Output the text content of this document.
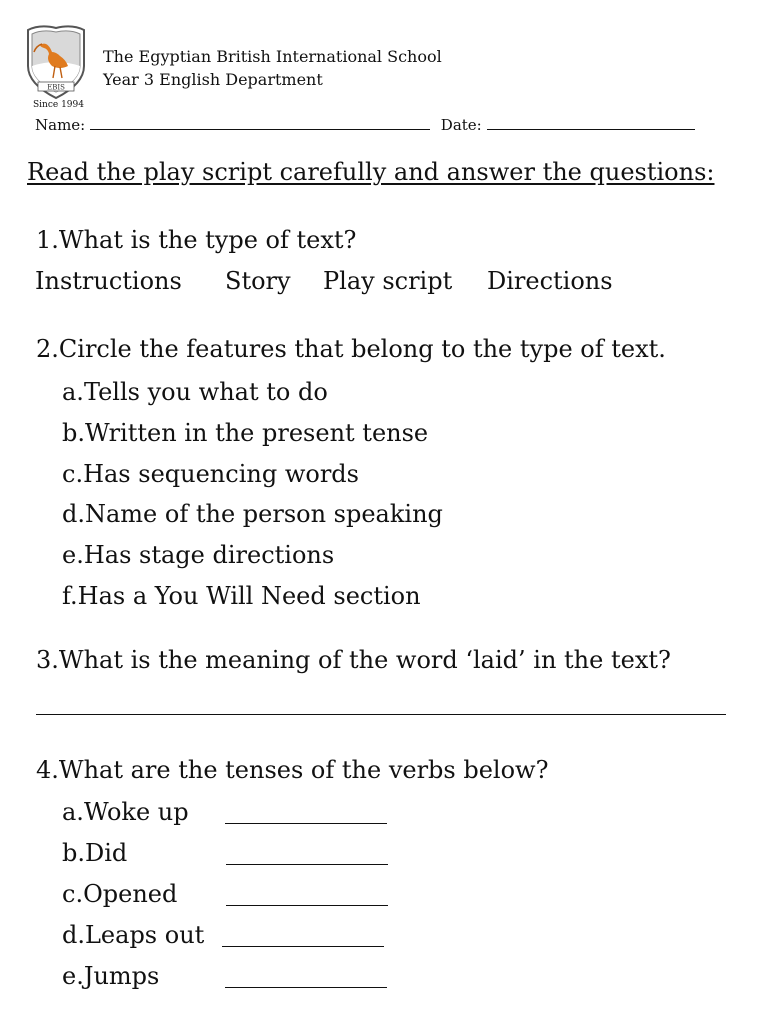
EBIS
Since 1994
The Egyptian British International School
Year 3 English Department
Name:	Date:
Read the play script carefully and answer the questions:
1.What is the type of text?
Instructions Story Play script Directions
2.Circle the features that belong to the type of text.
a.Tells you what to do
b.Written in the present tense
c.Has sequencing words
d.Name of the person speaking
e.Has stage directions
f.Has a You Will Need section
3.What is the meaning of the word ‘laid’ in the text?
4.What are the tenses of the verbs below?
a.Woke up
b.Did
c.Opened
d.Leaps out
e.Jumps
